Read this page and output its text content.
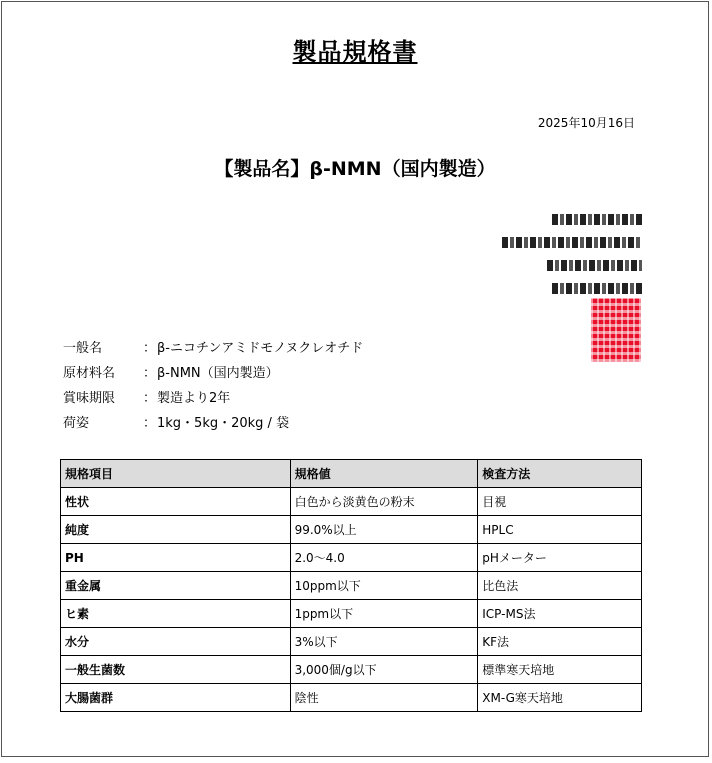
製品規格書
2025年10月16日
【製品名】β-NMN（国内製造）
一般名	： β-ニコチンアミドモノヌクレオチド
原材料名	： β-NMN（国内製造）
賞味期限	： 製造より2年
荷姿	： 1kg・5kg・20kg / 袋
規格項目	規格値	検査方法
性状	白色から淡黄色の粉末	目視
純度	99.0%以上	HPLC
PH	2.0～4.0	pHメーター
重金属	10ppm以下	比色法
ヒ素	1ppm以下	ICP-MS法
水分	3%以下	KF法
一般生菌数	3,000個/g以下	標準寒天培地
大腸菌群	陰性	XM-G寒天培地
